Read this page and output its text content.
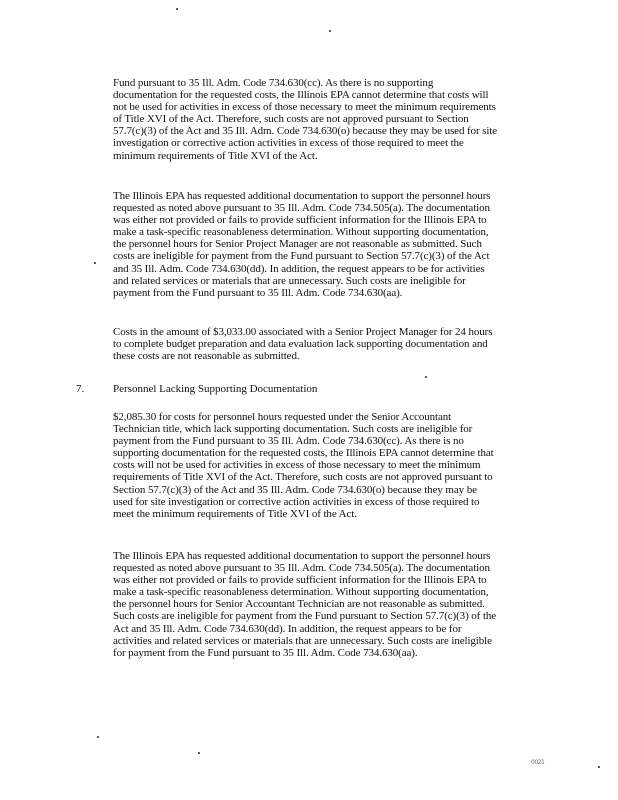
Fund pursuant to 35 Ill. Adm. Code 734.630(cc). As there is no supporting
documentation for the requested costs, the Illinois EPA cannot determine that costs will
not be used for activities in excess of those necessary to meet the minimum requirements
of Title XVI of the Act. Therefore, such costs are not approved pursuant to Section
57.7(c)(3) of the Act and 35 Ill. Adm. Code 734.630(o) because they may be used for site
investigation or corrective action activities in excess of those required to meet the
minimum requirements of Title XVI of the Act.

The Illinois EPA has requested additional documentation to support the personnel hours
requested as noted above pursuant to 35 Ill. Adm. Code 734.505(a). The documentation
was either not provided or fails to provide sufficient information for the Illinois EPA to
make a task-specific reasonableness determination. Without supporting documentation,
the personnel hours for Senior Project Manager are not reasonable as submitted. Such
costs are ineligible for payment from the Fund pursuant to Section 57.7(c)(3) of the Act
and 35 Ill. Adm. Code 734.630(dd). In addition, the request appears to be for activities
and related services or materials that are unnecessary. Such costs are ineligible for
payment from the Fund pursuant to 35 Ill. Adm. Code 734.630(aa).

Costs in the amount of $3,033.00 associated with a Senior Project Manager for 24 hours
to complete budget preparation and data evaluation lack supporting documentation and
these costs are not reasonable as submitted.

7.	Personnel Lacking Supporting Documentation

$2,085.30 for costs for personnel hours requested under the Senior Accountant
Technician title, which lack supporting documentation. Such costs are ineligible for
payment from the Fund pursuant to 35 Ill. Adm. Code 734.630(cc). As there is no
supporting documentation for the requested costs, the Illinois EPA cannot determine that
costs will not be used for activities in excess of those necessary to meet the minimum
requirements of Title XVI of the Act. Therefore, such costs are not approved pursuant to
Section 57.7(c)(3) of the Act and 35 Ill. Adm. Code 734.630(o) because they may be
used for site investigation or corrective action activities in excess of those required to
meet the minimum requirements of Title XVI of the Act.

The Illinois EPA has requested additional documentation to support the personnel hours
requested as noted above pursuant to 35 Ill. Adm. Code 734.505(a). The documentation
was either not provided or fails to provide sufficient information for the Illinois EPA to
make a task-specific reasonableness determination. Without supporting documentation,
the personnel hours for Senior Accountant Technician are not reasonable as submitted.
Such costs are ineligible for payment from the Fund pursuant to Section 57.7(c)(3) of the
Act and 35 Ill. Adm. Code 734.630(dd). In addition, the request appears to be for
activities and related services or materials that are unnecessary. Such costs are ineligible
for payment from the Fund pursuant to 35 Ill. Adm. Code 734.630(aa).

0021
